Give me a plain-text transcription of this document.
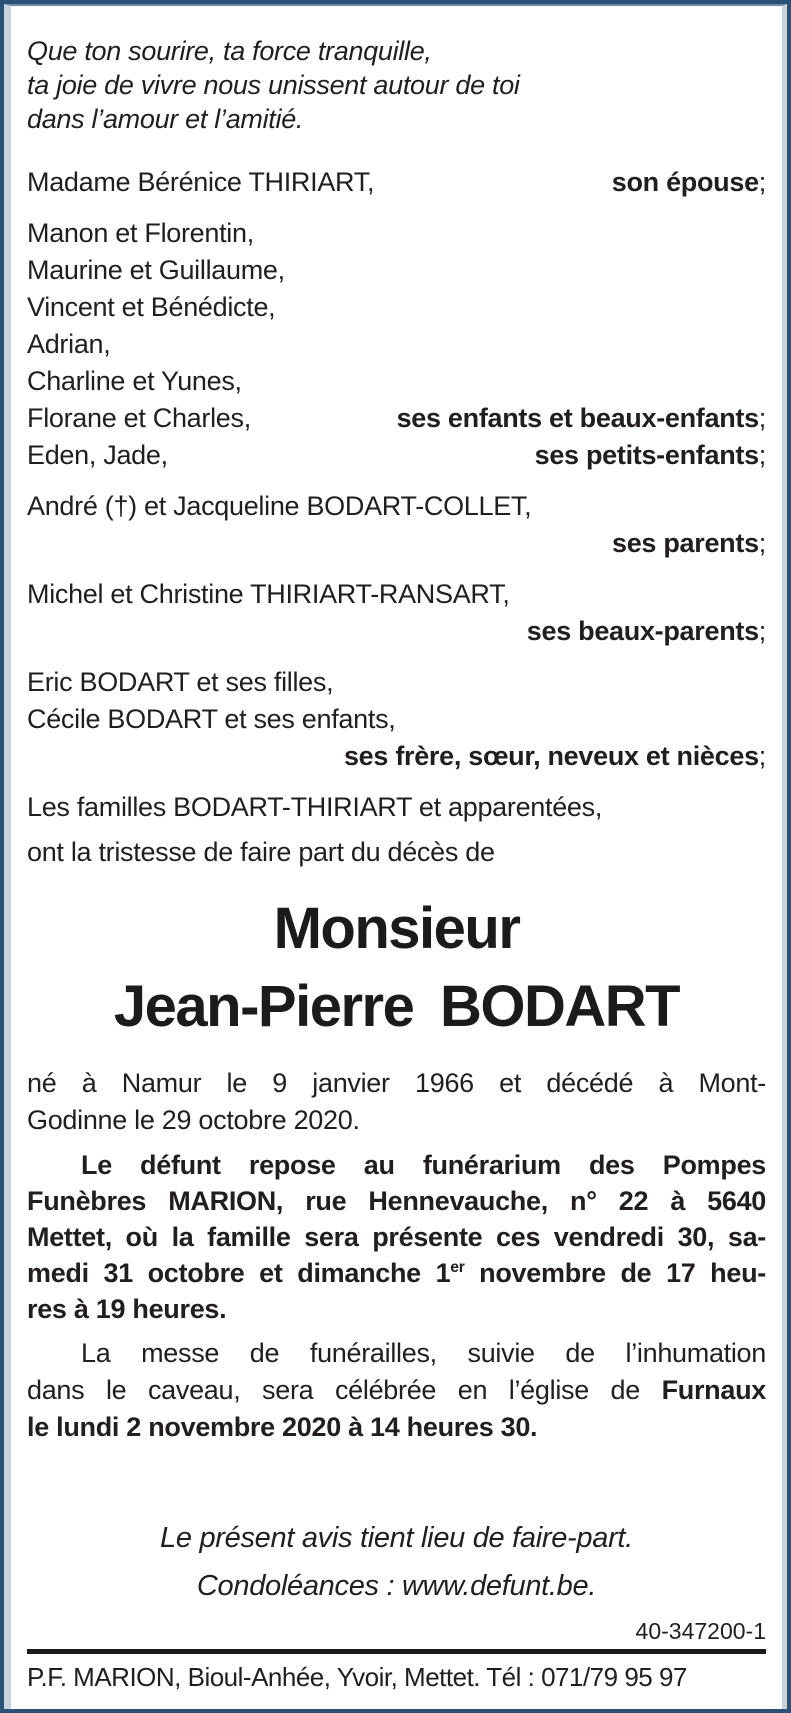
Que ton sourire, ta force tranquille,
ta joie de vivre nous unissent autour de toi
dans l’amour et l’amitié.
Madame Bérénice THIRIART,	son épouse;
Manon et Florentin,
Maurine et Guillaume,
Vincent et Bénédicte,
Adrian,
Charline et Yunes,
Florane et Charles,	ses enfants et beaux-enfants;
Eden, Jade,	ses petits-enfants;
André (†) et Jacqueline BODART-COLLET,
ses parents;
Michel et Christine THIRIART-RANSART,
ses beaux-parents;
Eric BODART et ses filles,
Cécile BODART et ses enfants,
ses frère, sœur, neveux et nièces;
Les familles BODART-THIRIART et apparentées,
ont la tristesse de faire part du décès de
Monsieur
Jean-Pierre BODART
né à Namur le 9 janvier 1966 et décédé à Mont-
Godinne le 29 octobre 2020.
Le défunt repose au funérarium des Pompes
Funèbres MARION, rue Hennevauche, n° 22 à 5640
Mettet, où la famille sera présente ces vendredi 30, sa-
medi 31 octobre et dimanche 1er novembre de 17 heu-
res à 19 heures.
La messe de funérailles, suivie de l’inhumation
dans le caveau, sera célébrée en l’église de Furnaux
le lundi 2 novembre 2020 à 14 heures 30.
Le présent avis tient lieu de faire-part.
Condoléances : www.defunt.be.
40-347200-1
P.F. MARION, Bioul-Anhée, Yvoir, Mettet. Tél : 071/79 95 97
